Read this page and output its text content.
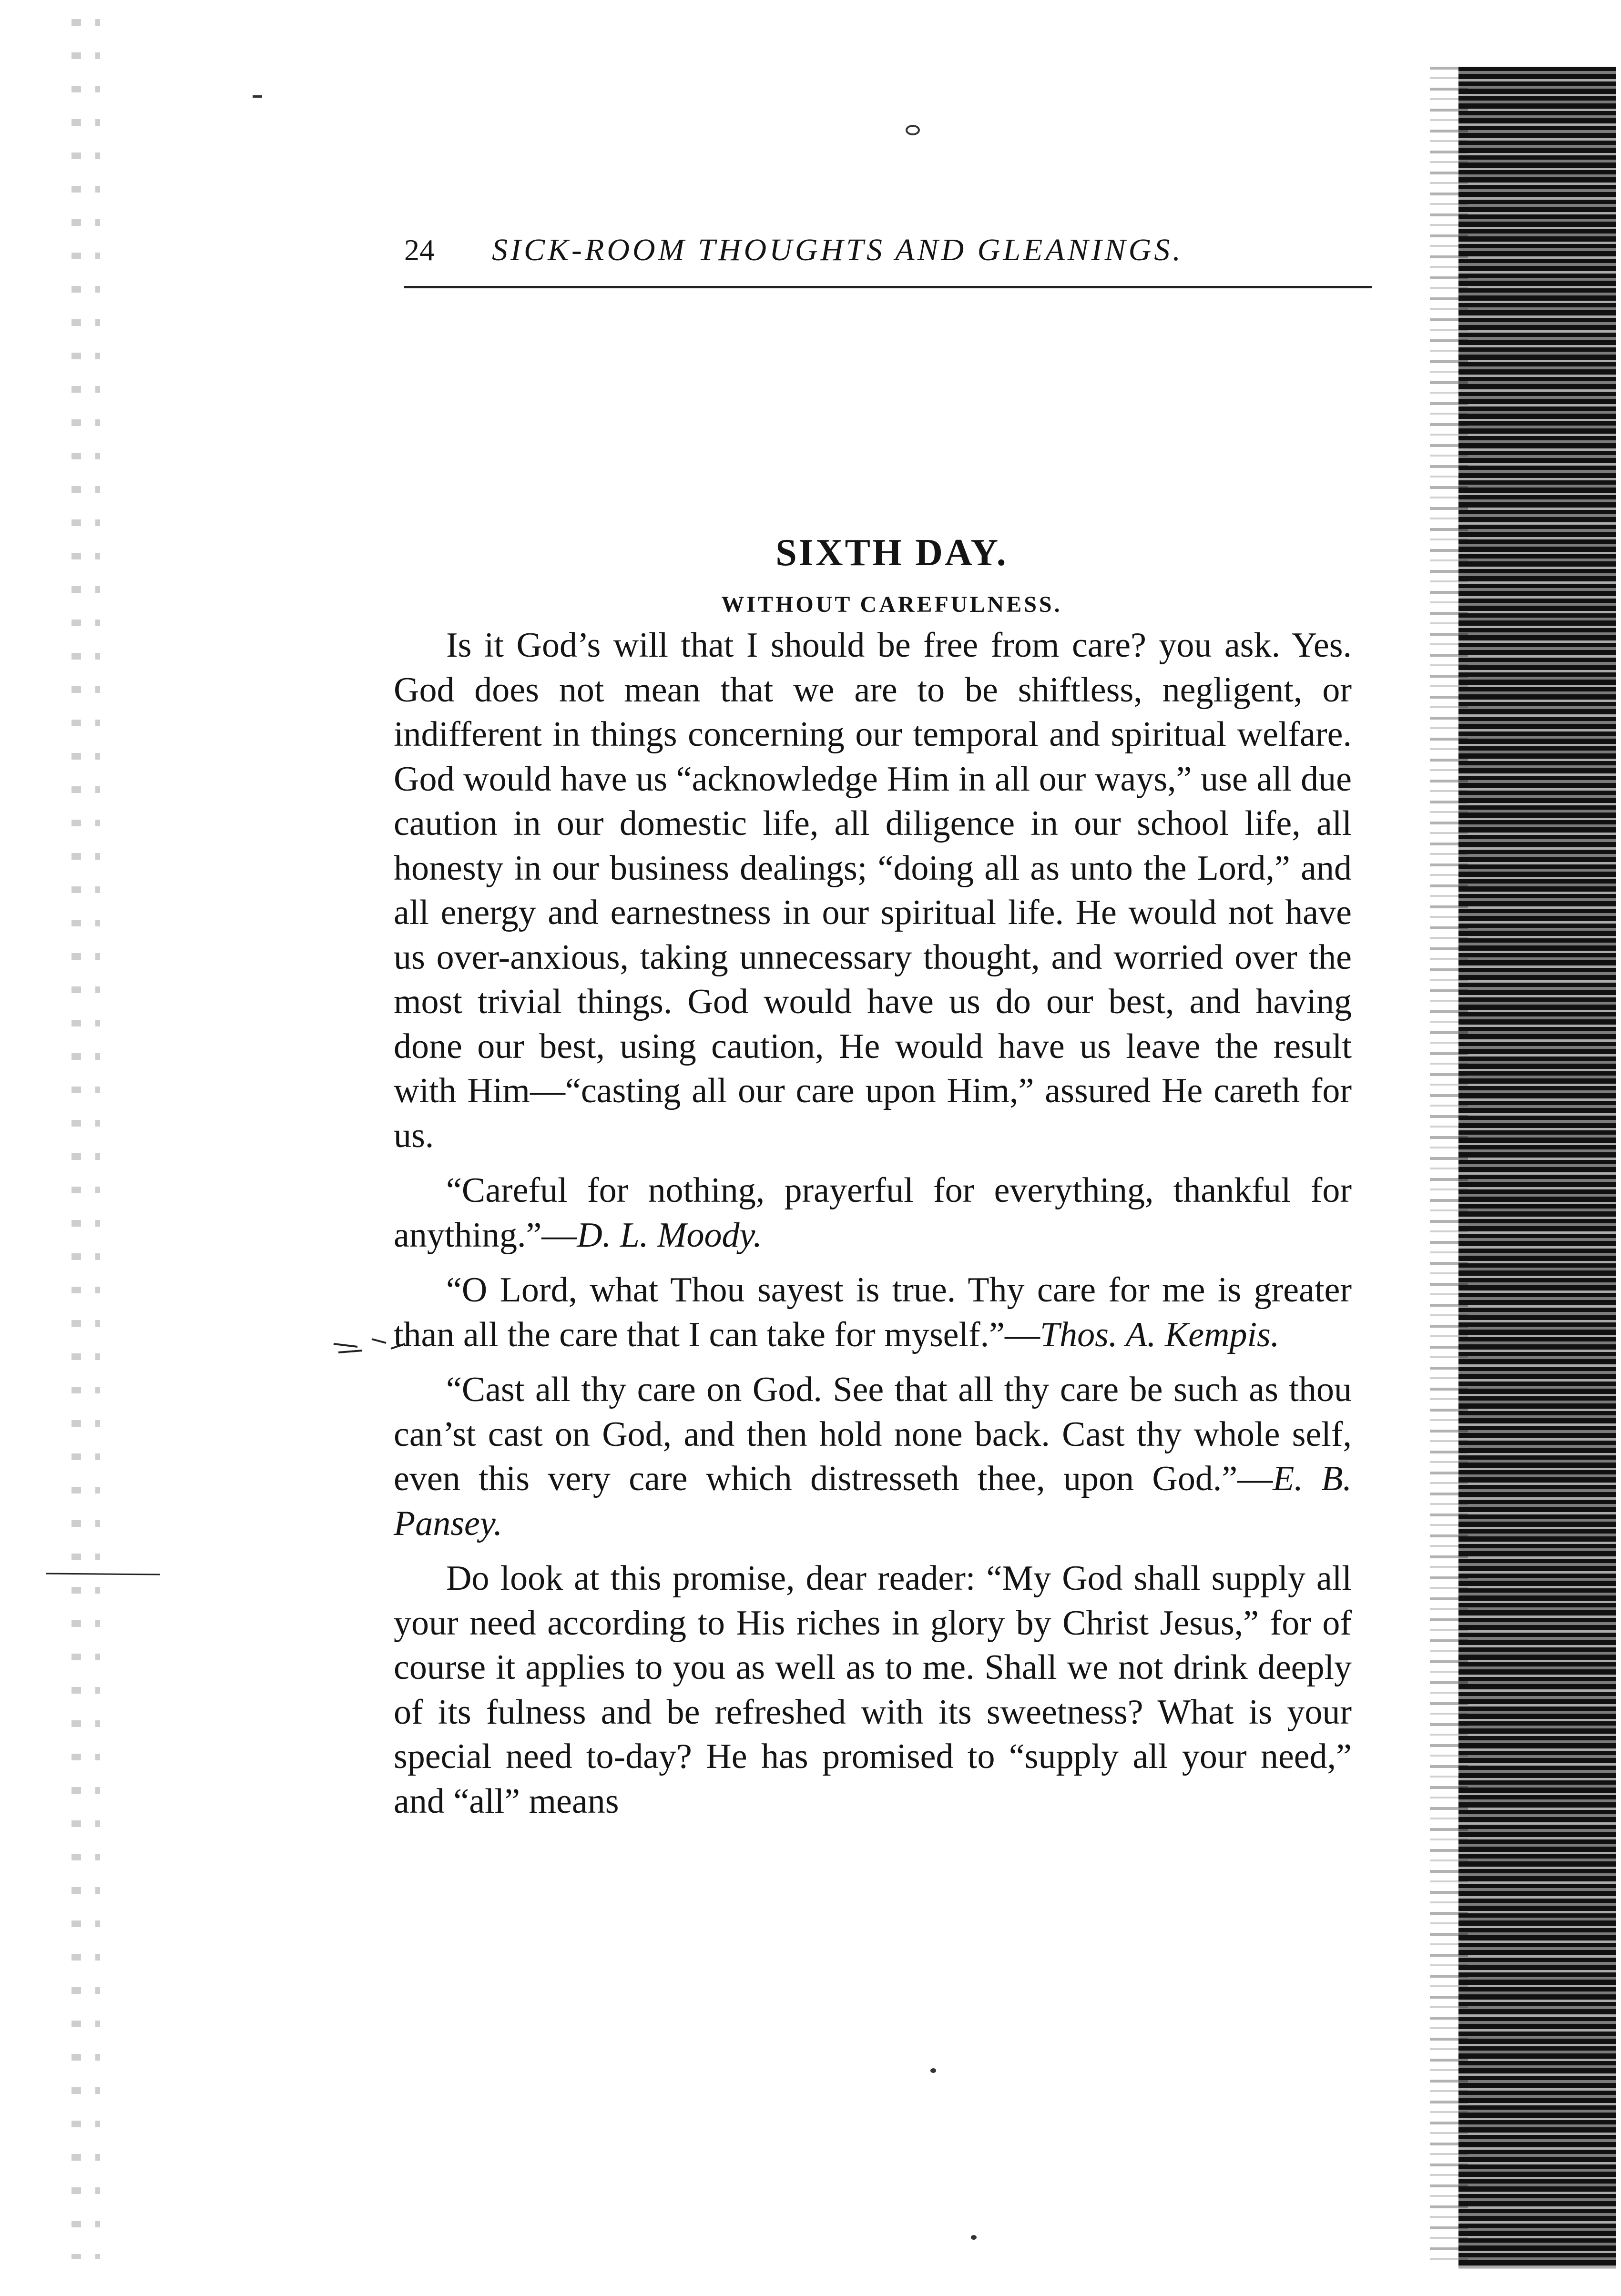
24 SICK-ROOM THOUGHTS AND GLEANINGS.
SIXTH DAY.
WITHOUT CAREFULNESS.

Is it God’s will that I should be free from care? you ask. Yes. God does not mean that we are to be shiftless, negligent, or indifferent in things concerning our temporal and spiritual welfare. God would have us “acknowledge Him in all our ways,” use all due caution in our domestic life, all diligence in our school life, all honesty in our business dealings; “doing all as unto the Lord,” and all energy and earnestness in our spiritual life. He would not have us over-anxious, taking unnecessary thought, and worried over the most trivial things. God would have us do our best, and having done our best, using caution, He would have us leave the result with Him—“casting all our care upon Him,” assured He careth for us.

“Careful for nothing, prayerful for everything, thankful for anything.”—D. L. Moody.

“O Lord, what Thou sayest is true. Thy care for me is greater than all the care that I can take for myself.”—Thos. A. Kempis.

“Cast all thy care on God. See that all thy care be such as thou can’st cast on God, and then hold none back. Cast thy whole self, even this very care which distresseth thee, upon God.”—E. B. Pansey.

Do look at this promise, dear reader: “My God shall supply all your need according to His riches in glory by Christ Jesus,” for of course it applies to you as well as to me. Shall we not drink deeply of its fulness and be refreshed with its sweetness? What is your special need to-day? He has promised to “supply all your need,” and “all” means
